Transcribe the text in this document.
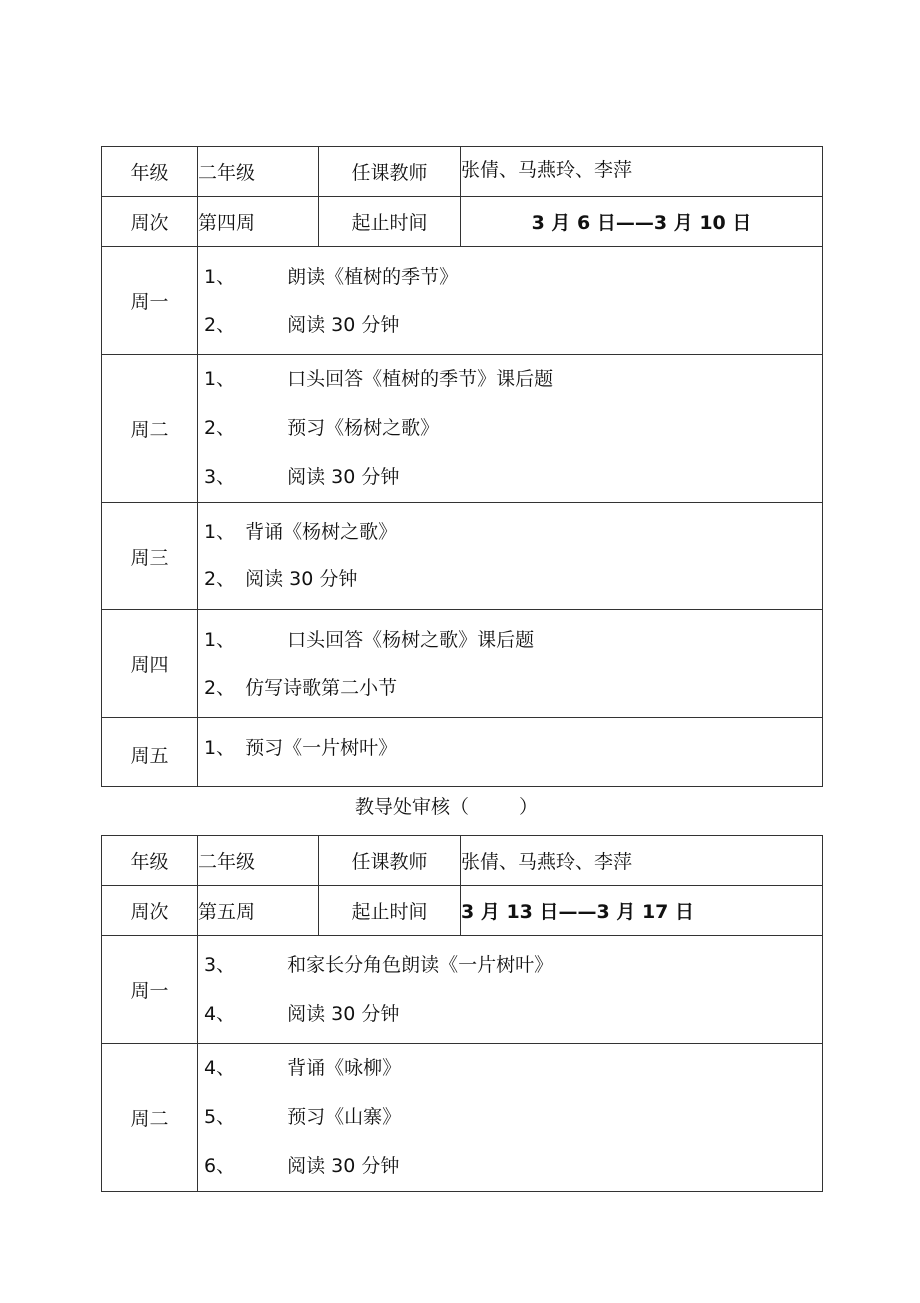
年级	二年级	任课教师	张倩、马燕玲、李萍
周次	第四周	起止时间	3 月 6 日——3 月 10 日
周一	1、 朗读《植树的季节》
2、 阅读 30 分钟		

周二	1、 口头回答《植树的季节》课后题
2、 预习《杨树之歌》
3、 阅读 30 分钟		

周三	1、 背诵《杨树之歌》
2、 阅读 30 分钟		

周四	1、 口头回答《杨树之歌》课后题
2、 仿写诗歌第二小节		

周五	1、 预习《一片树叶》		
教导处审核（	）
年级	二年级	任课教师	张倩、马燕玲、李萍
周次	第五周	起止时间	3 月 13 日——3 月 17 日
周一	3、 和家长分角色朗读《一片树叶》
4、 阅读 30 分钟		

周二	4、 背诵《咏柳》
5、 预习《山寨》
6、 阅读 30 分钟		
